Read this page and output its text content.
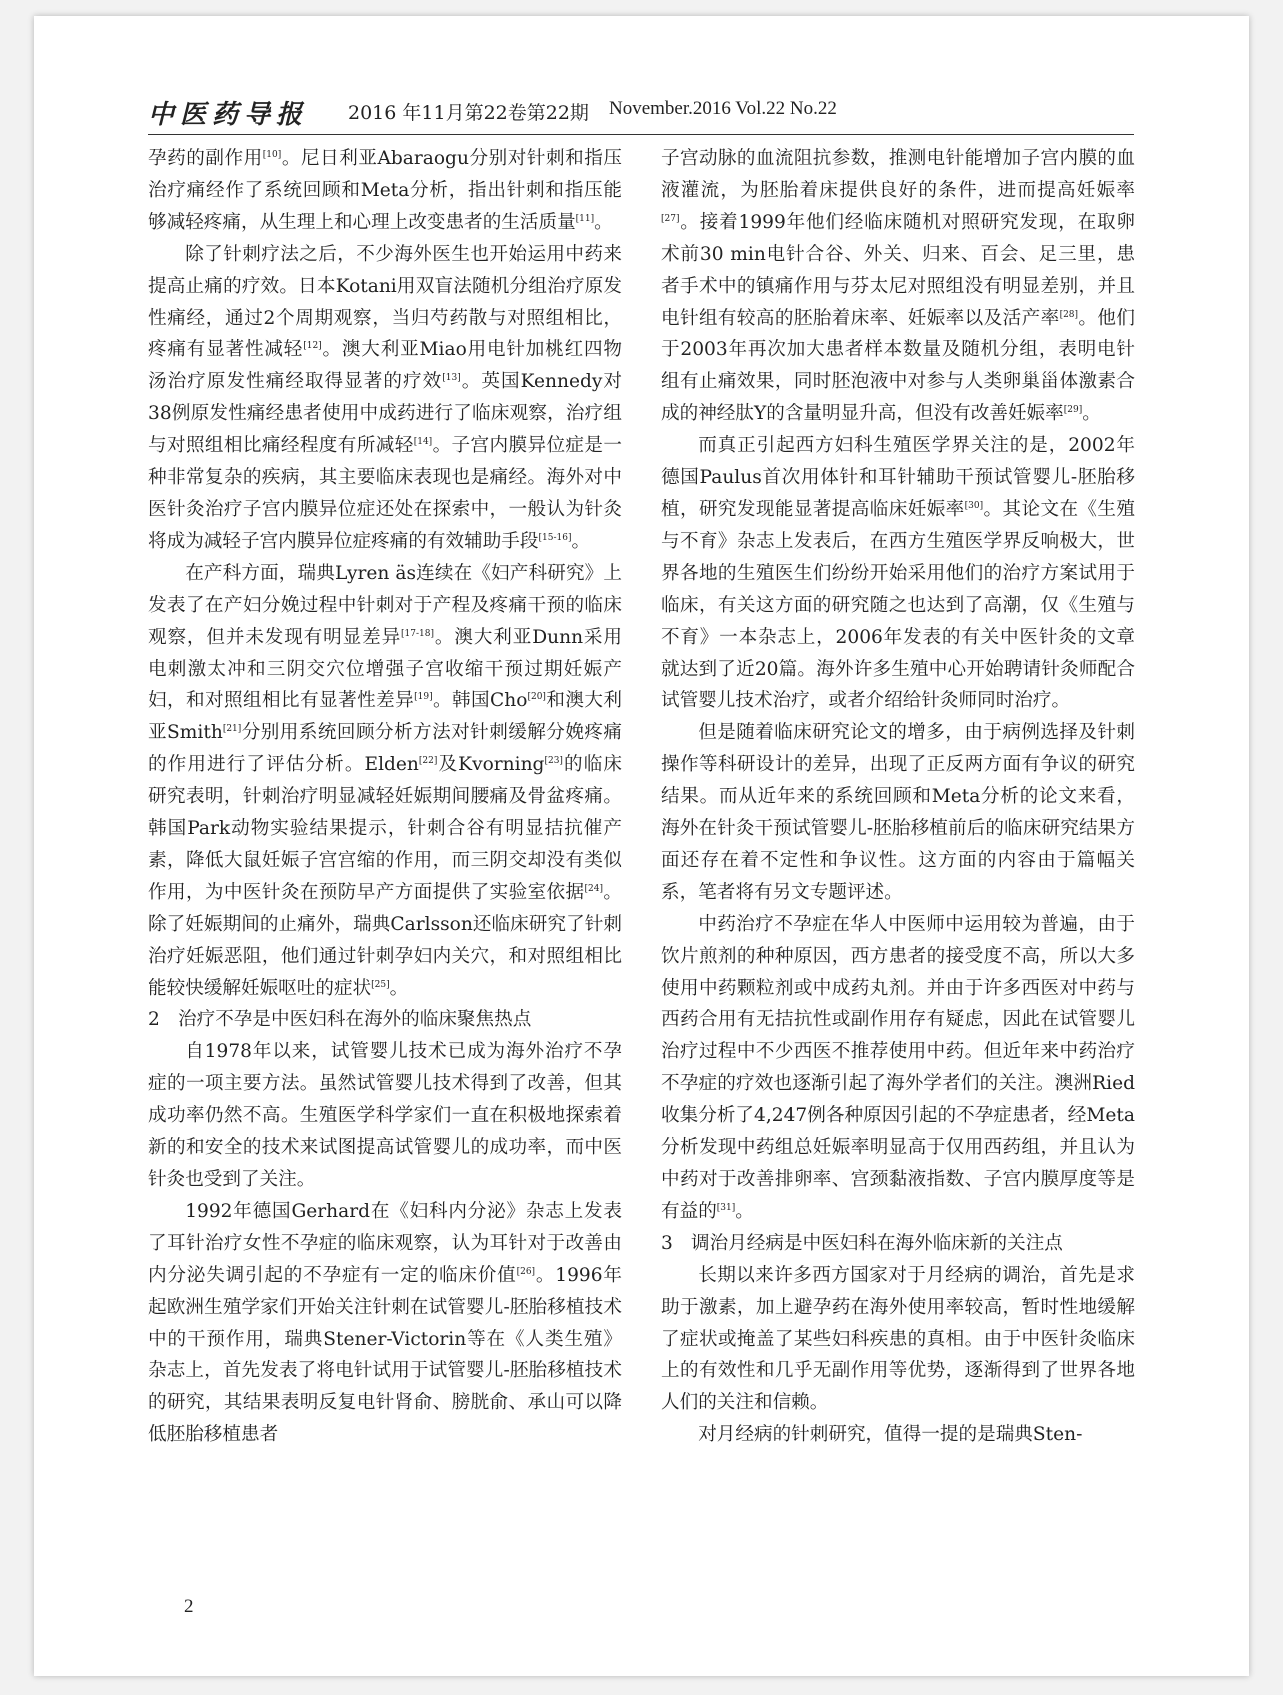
中医药导报 2016 年11月第22卷第22期 November.2016 Vol.22 No.22

孕药的副作用[10]。尼日利亚Abaraogu分别对针刺和指压治疗痛经作了系统回顾和Meta分析，指出针刺和指压能够减轻疼痛，从生理上和心理上改变患者的生活质量[11]。

除了针刺疗法之后，不少海外医生也开始运用中药来提高止痛的疗效。日本Kotani用双盲法随机分组治疗原发性痛经，通过2个周期观察，当归芍药散与对照组相比，疼痛有显著性减轻[12]。澳大利亚Miao用电针加桃红四物汤治疗原发性痛经取得显著的疗效[13]。英国Kennedy对38例原发性痛经患者使用中成药进行了临床观察，治疗组与对照组相比痛经程度有所减轻[14]。子宫内膜异位症是一种非常复杂的疾病，其主要临床表现也是痛经。海外对中医针灸治疗子宫内膜异位症还处在探索中，一般认为针灸将成为减轻子宫内膜异位症疼痛的有效辅助手段[15-16]。

在产科方面，瑞典Lyren äs连续在《妇产科研究》上发表了在产妇分娩过程中针刺对于产程及疼痛干预的临床观察，但并未发现有明显差异[17-18]。澳大利亚Dunn采用电刺激太冲和三阴交穴位增强子宫收缩干预过期妊娠产妇，和对照组相比有显著性差异[19]。韩国Cho[20]和澳大利亚Smith[21]分别用系统回顾分析方法对针刺缓解分娩疼痛的作用进行了评估分析。Elden[22]及Kvorning[23]的临床研究表明，针刺治疗明显减轻妊娠期间腰痛及骨盆疼痛。韩国Park动物实验结果提示，针刺合谷有明显拮抗催产素，降低大鼠妊娠子宫宫缩的作用，而三阴交却没有类似作用，为中医针灸在预防早产方面提供了实验室依据[24]。除了妊娠期间的止痛外，瑞典Carlsson还临床研究了针刺治疗妊娠恶阻，他们通过针刺孕妇内关穴，和对照组相比能较快缓解妊娠呕吐的症状[25]。

2 治疗不孕是中医妇科在海外的临床聚焦热点

自1978年以来，试管婴儿技术已成为海外治疗不孕症的一项主要方法。虽然试管婴儿技术得到了改善，但其成功率仍然不高。生殖医学科学家们一直在积极地探索着新的和安全的技术来试图提高试管婴儿的成功率，而中医针灸也受到了关注。

1992年德国Gerhard在《妇科内分泌》杂志上发表了耳针治疗女性不孕症的临床观察，认为耳针对于改善由内分泌失调引起的不孕症有一定的临床价值[26]。1996年起欧洲生殖学家们开始关注针刺在试管婴儿-胚胎移植技术中的干预作用，瑞典Stener-Victorin等在《人类生殖》杂志上，首先发表了将电针试用于试管婴儿-胚胎移植技术的研究，其结果表明反复电针肾俞、膀胱俞、承山可以降低胚胎移植患者

子宫动脉的血流阻抗参数，推测电针能增加子宫内膜的血液灌流，为胚胎着床提供良好的条件，进而提高妊娠率[27]。接着1999年他们经临床随机对照研究发现，在取卵术前30 min电针合谷、外关、归来、百会、足三里，患者手术中的镇痛作用与芬太尼对照组没有明显差别，并且电针组有较高的胚胎着床率、妊娠率以及活产率[28]。他们于2003年再次加大患者样本数量及随机分组，表明电针组有止痛效果，同时胚泡液中对参与人类卵巢甾体激素合成的神经肽Y的含量明显升高，但没有改善妊娠率[29]。

而真正引起西方妇科生殖医学界关注的是，2002年德国Paulus首次用体针和耳针辅助干预试管婴儿-胚胎移植，研究发现能显著提高临床妊娠率[30]。其论文在《生殖与不育》杂志上发表后，在西方生殖医学界反响极大，世界各地的生殖医生们纷纷开始采用他们的治疗方案试用于临床，有关这方面的研究随之也达到了高潮，仅《生殖与不育》一本杂志上，2006年发表的有关中医针灸的文章就达到了近20篇。海外许多生殖中心开始聘请针灸师配合试管婴儿技术治疗，或者介绍给针灸师同时治疗。

但是随着临床研究论文的增多，由于病例选择及针刺操作等科研设计的差异，出现了正反两方面有争议的研究结果。而从近年来的系统回顾和Meta分析的论文来看，海外在针灸干预试管婴儿-胚胎移植前后的临床研究结果方面还存在着不定性和争议性。这方面的内容由于篇幅关系，笔者将有另文专题评述。

中药治疗不孕症在华人中医师中运用较为普遍，由于饮片煎剂的种种原因，西方患者的接受度不高，所以大多使用中药颗粒剂或中成药丸剂。并由于许多西医对中药与西药合用有无拮抗性或副作用存有疑虑，因此在试管婴儿治疗过程中不少西医不推荐使用中药。但近年来中药治疗不孕症的疗效也逐渐引起了海外学者们的关注。澳洲Ried收集分析了4,247例各种原因引起的不孕症患者，经Meta分析发现中药组总妊娠率明显高于仅用西药组，并且认为中药对于改善排卵率、宫颈黏液指数、子宫内膜厚度等是有益的[31]。

3 调治月经病是中医妇科在海外临床新的关注点

长期以来许多西方国家对于月经病的调治，首先是求助于激素，加上避孕药在海外使用率较高，暂时性地缓解了症状或掩盖了某些妇科疾患的真相。由于中医针灸临床上的有效性和几乎无副作用等优势，逐渐得到了世界各地人们的关注和信赖。

对月经病的针刺研究，值得一提的是瑞典Sten-

2
